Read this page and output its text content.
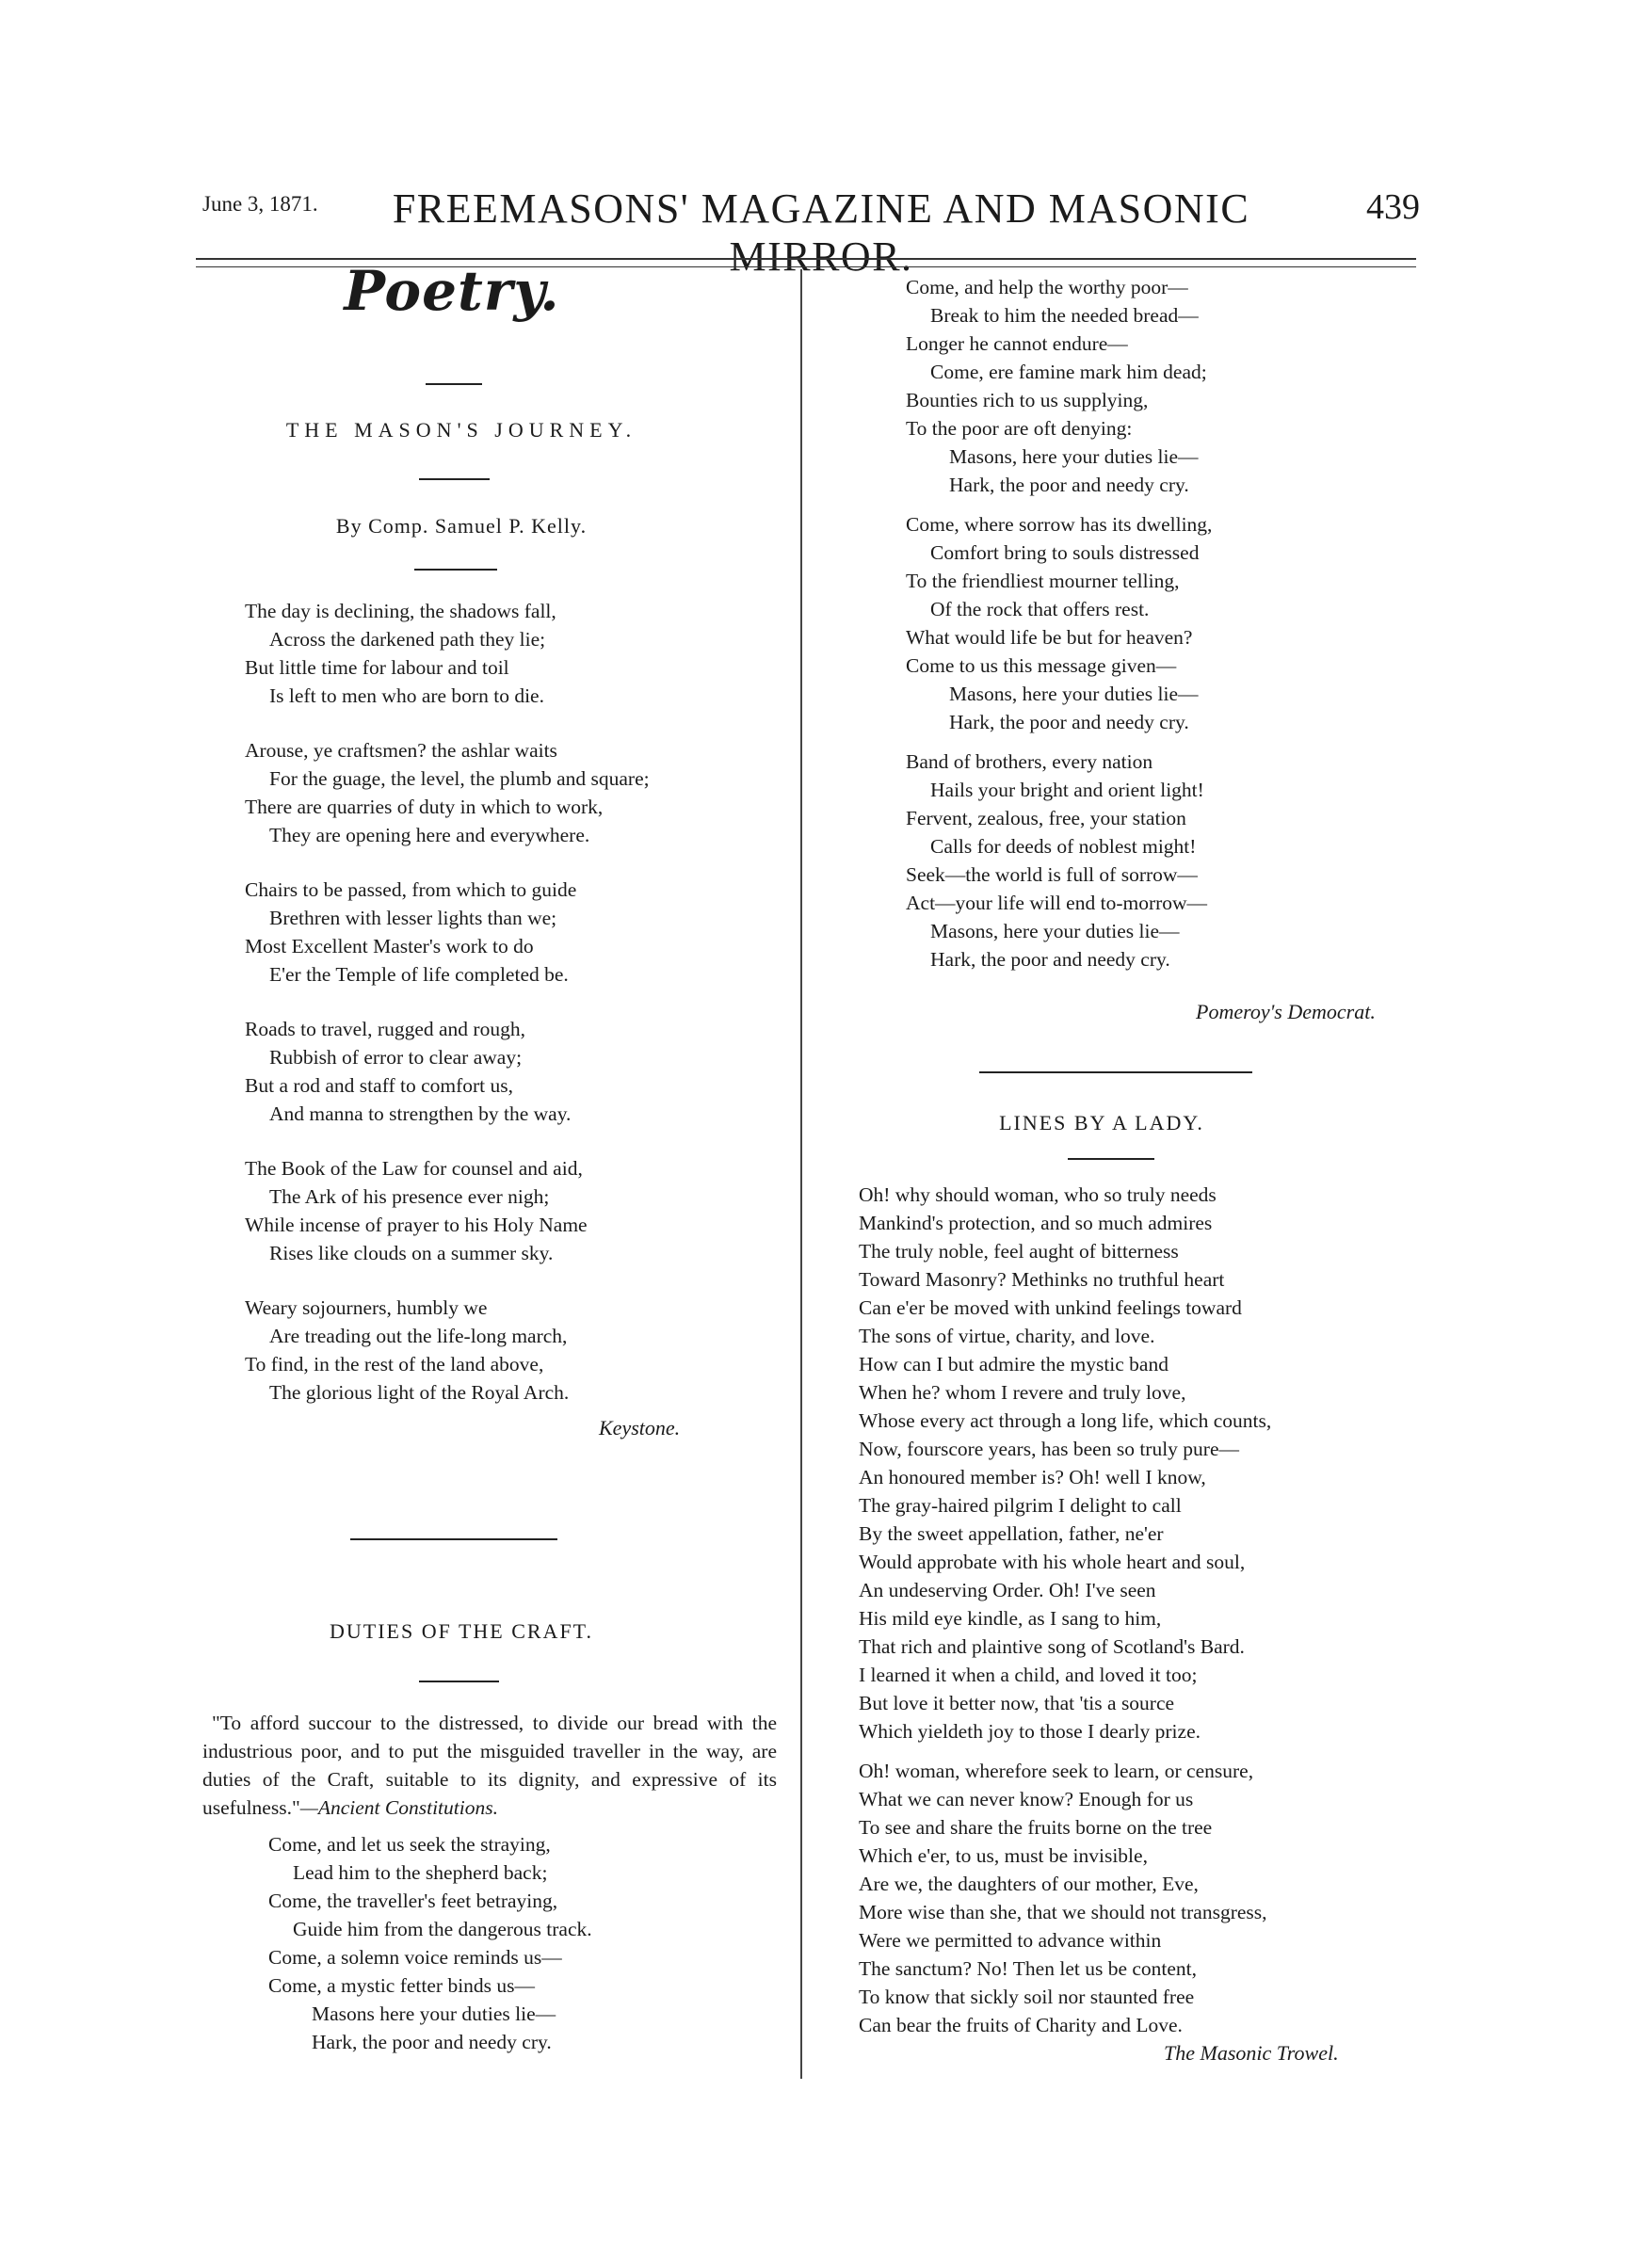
June 3, 1871.	FREEMASONS' MAGAZINE AND MASONIC MIRROR.
439
Poetry.
THE MASON'S JOURNEY.
By Comp. Samuel P. Kelly.
The day is declining, the shadows fall,
Across the darkened path they lie;
But little time for labour and toil
Is left to men who are born to die.
Arouse, ye craftsmen? the ashlar waits
For the guage, the level, the plumb and square;
There are quarries of duty in which to work,
They are opening here and everywhere.
Chairs to be passed, from which to guide
Brethren with lesser lights than we;
Most Excellent Master's work to do
E'er the Temple of life completed be.
Roads to travel, rugged and rough,
Rubbish of error to clear away;
But a rod and staff to comfort us,
And manna to strengthen by the way.
The Book of the Law for counsel and aid,
The Ark of his presence ever nigh;
While incense of prayer to his Holy Name
Rises like clouds on a summer sky.
Weary sojourners, humbly we
Are treading out the life-long march,
To find, in the rest of the land above,
The glorious light of the Royal Arch.
Keystone.
DUTIES OF THE CRAFT.
"To afford succour to the distressed, to divide our bread with the industrious poor, and to put the misguided traveller in the way, are duties of the Craft, suitable to its dignity, and expressive of its usefulness."—Ancient Constitutions.
Come, and let us seek the straying,
Lead him to the shepherd back;
Come, the traveller's feet betraying,
Guide him from the dangerous track.
Come, a solemn voice reminds us—
Come, a mystic fetter binds us—
Masons here your duties lie—
Hark, the poor and needy cry.
Come, and help the worthy poor—
Break to him the needed bread—
Longer he cannot endure—
Come, ere famine mark him dead;
Bounties rich to us supplying,
To the poor are oft denying:
Masons, here your duties lie—
Hark, the poor and needy cry.
Come, where sorrow has its dwelling,
Comfort bring to souls distressed
To the friendliest mourner telling,
Of the rock that offers rest.
What would life be but for heaven?
Come to us this message given—
Masons, here your duties lie—
Hark, the poor and needy cry.
Band of brothers, every nation
Hails your bright and orient light!
Fervent, zealous, free, your station
Calls for deeds of noblest might!
Seek—the world is full of sorrow—
Act—your life will end to-morrow—
Masons, here your duties lie—
Hark, the poor and needy cry.
Pomeroy's Democrat.
LINES BY A LADY.
Oh! why should woman, who so truly needs
Mankind's protection, and so much admires
The truly noble, feel aught of bitterness
Toward Masonry? Methinks no truthful heart
Can e'er be moved with unkind feelings toward
The sons of virtue, charity, and love.
How can I but admire the mystic band
When he? whom I revere and truly love,
Whose every act through a long life, which counts,
Now, fourscore years, has been so truly pure—
An honoured member is? Oh! well I know,
The gray-haired pilgrim I delight to call
By the sweet appellation, father, ne'er
Would approbate with his whole heart and soul,
An undeserving Order. Oh! I've seen
His mild eye kindle, as I sang to him,
That rich and plaintive song of Scotland's Bard.
I learned it when a child, and loved it too;
But love it better now, that 'tis a source
Which yieldeth joy to those I dearly prize.
Oh! woman, wherefore seek to learn, or censure,
What we can never know? Enough for us
To see and share the fruits borne on the tree
Which e'er, to us, must be invisible,
Are we, the daughters of our mother, Eve,
More wise than she, that we should not transgress,
Were we permitted to advance within
The sanctum? No! Then let us be content,
To know that sickly soil nor staunted free
Can bear the fruits of Charity and Love.
The Masonic Trowel.
